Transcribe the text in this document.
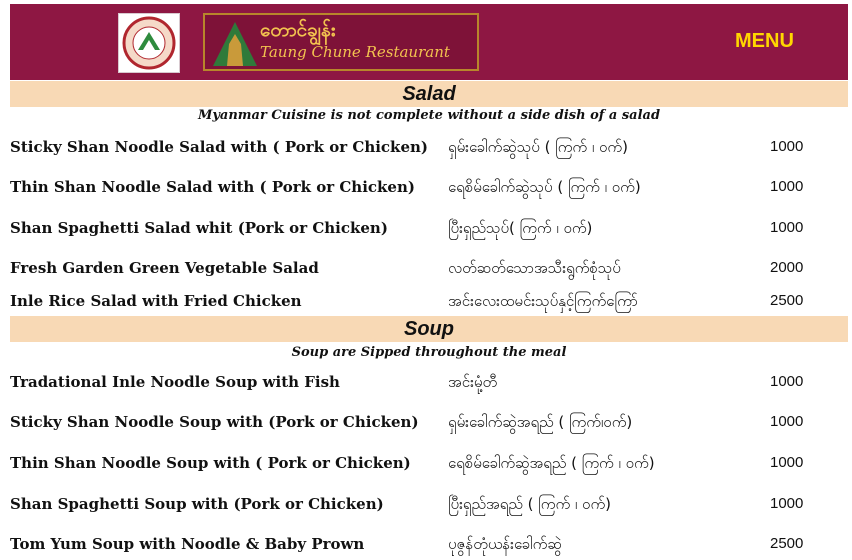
တောင်ချွန်း
Taung Chune Restaurant	MENU
Salad
Myanmar Cuisine is not complete without a side dish of a salad
Sticky Shan Noodle Salad with ( Pork or Chicken) ရှမ်းခေါက်ဆွဲသုပ် ( ကြက် ၊ ဝက်)	1000
Thin Shan Noodle Salad with ( Pork or Chicken) ရေစိမ်ခေါက်ဆွဲသုပ် ( ကြက် ၊ ဝက်)	1000
Shan Spaghetti Salad whit (Pork or Chicken)	ပြီးရှည်သုပ်( ကြက် ၊ ဝက်)	1000
Fresh Garden Green Vegetable Salad	လတ်ဆတ်သောအသီးရွက်စုံသုပ်	2000
Inle Rice Salad with Fried Chicken	အင်းလေးထမင်းသုပ်နှင့်ကြက်ကြော်	2500
Soup
Soup are Sipped throughout the meal
Tradational Inle Noodle Soup with Fish	အင်းမုံ့တီ	1000
Sticky Shan Noodle Soup with (Pork or Chicken) ရှမ်းခေါက်ဆွဲအရည် ( ကြက်၊ဝက်)	1000
Thin Shan Noodle Soup with ( Pork or Chicken) ရေစိမ်ခေါက်ဆွဲအရည် ( ကြက် ၊ ဝက်)	1000
Shan Spaghetti Soup with (Pork or Chicken)	ပြီးရှည်အရည် ( ကြက် ၊ ဝက်)	1000
Tom Yum Soup with Noodle & Baby Prown	ပုဇွန်တုံယန်းခေါက်ဆွဲ	2500
